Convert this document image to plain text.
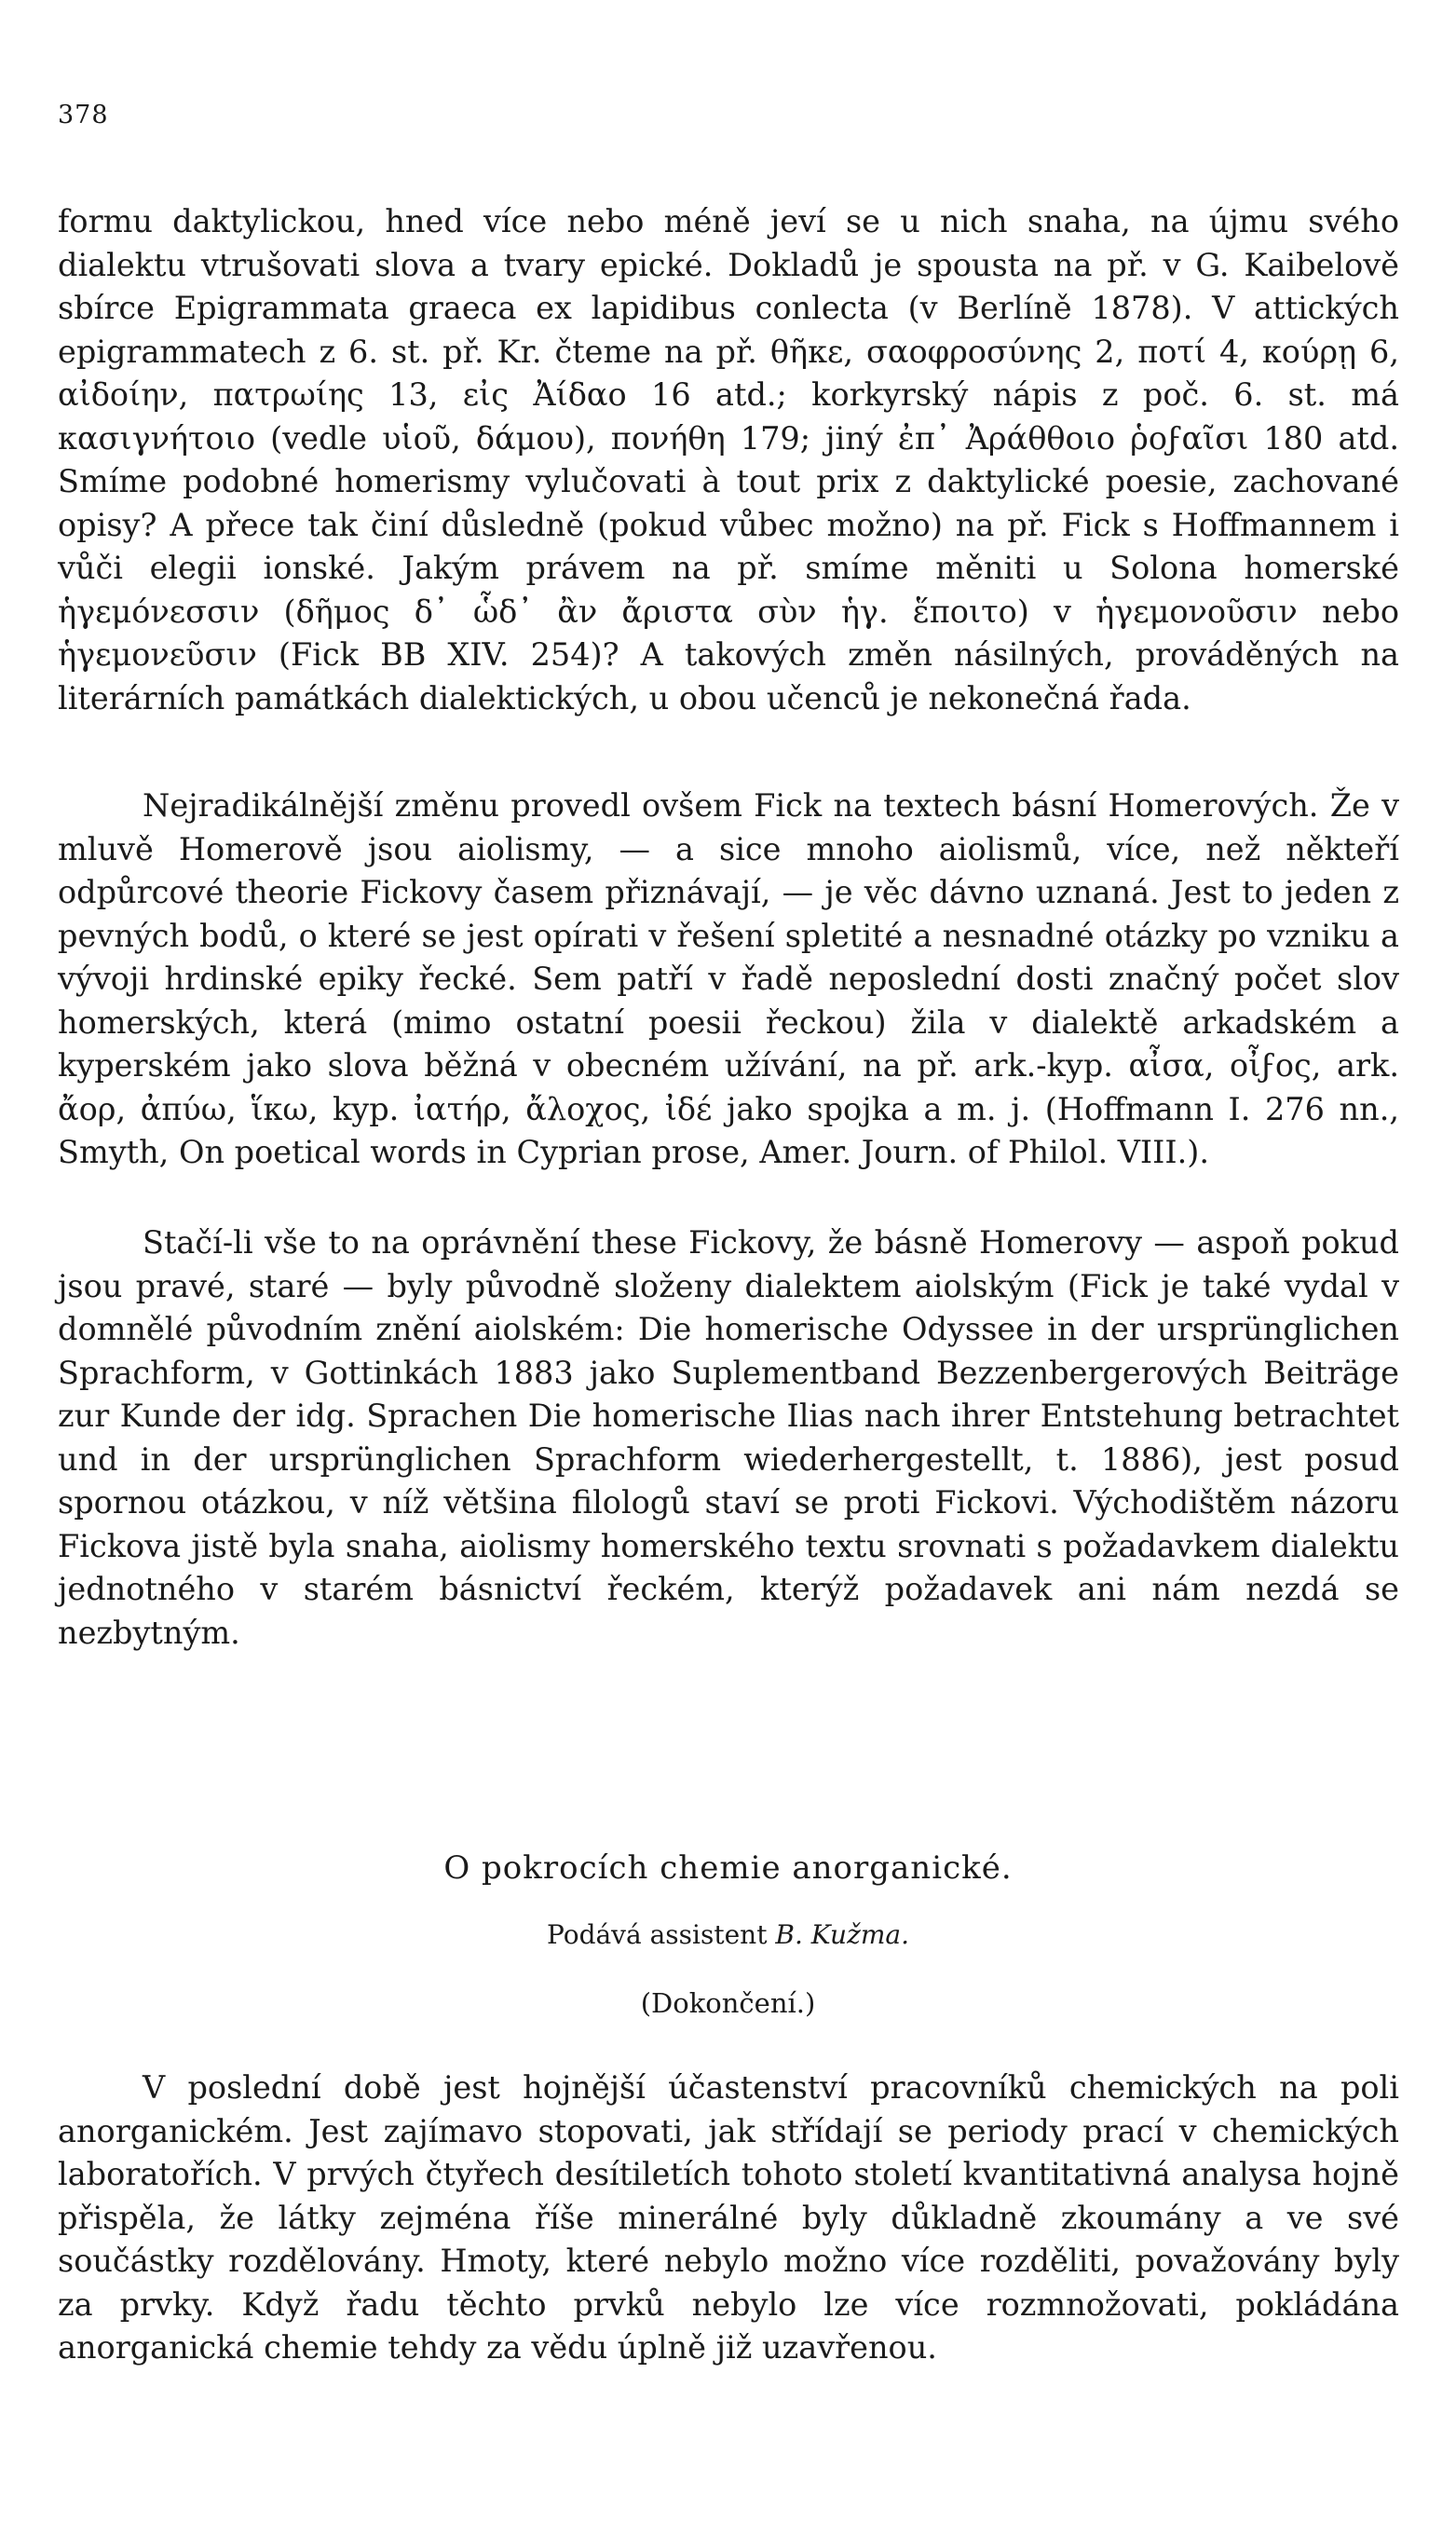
378

formu daktylickou, hned více nebo méně jeví se u nich snaha, na újmu svého dialektu vtrušovati slova a tvary epické. Dokladů je spousta na př. v G. Kaibelově sbírce Epigrammata graeca ex lapidibus conlecta (v Berlíně 1878). V attických epigrammatech z 6. st. př. Kr. čteme na př. θῆκε, σαοφροσύνης 2, ποτί 4, κούρῃ 6, αἰδοίην, πατρωίης 13, εἰς Ἀίδαο 16 atd.; korkyrský nápis z poč. 6. st. má κασιγνήτοιο (vedle υἱοῦ, δάμου), πονήθη 179; jiný ἐπ᾽ Ἀράθθοιο ῥοϝαῖσι 180 atd. Smíme podobné homerismy vylučovati à tout prix z daktylické poesie, zachované opisy? A přece tak činí důsledně (pokud vůbec možno) na př. Fick s Hoffmannem i vůči elegii ionské. Jakým právem na př. smíme měniti u Solona homerské ἡγεμόνεσσιν (δῆμος δ᾽ ὧδ᾽ ἂν ἄριστα σὺν ἡγ. ἕποιτο) v ἡγεμονοῦσιν nebo ἡγεμονεῦσιν (Fick BB XIV. 254)? A takových změn násilných, prováděných na literárních památkách dialektických, u obou učenců je nekonečná řada.

Nejradikálnější změnu provedl ovšem Fick na textech básní Homerových. Že v mluvě Homerově jsou aiolismy, — a sice mnoho aiolismů, více, než někteří odpůrcové theorie Fickovy časem přiznávají, — je věc dávno uznaná. Jest to jeden z pevných bodů, o které se jest opírati v řešení spletité a nesnadné otázky po vzniku a vývoji hrdinské epiky řecké. Sem patří v řadě neposlední dosti značný počet slov homerských, která (mimo ostatní poesii řeckou) žila v dialektě arkadském a kyperském jako slova běžná v obecném užívání, na př. ark.-kyp. αἶσα, οἶϝος, ark. ἄορ, ἀπύω, ἵκω, kyp. ἰατήρ, ἄλοχος, ἰδέ jako spojka a m. j. (Hoffmann I. 276 nn., Smyth, On poetical words in Cyprian prose, Amer. Journ. of Philol. VIII.).

Stačí-li vše to na oprávnění these Fickovy, že básně Homerovy — aspoň pokud jsou pravé, staré — byly původně složeny dialektem aiolským (Fick je také vydal v domnělé původním znění aiolském: Die homerische Odyssee in der ursprünglichen Sprachform, v Gottinkách 1883 jako Suplementband Bezzenbergerových Beiträge zur Kunde der idg. Sprachen Die homerische Ilias nach ihrer Entstehung betrachtet und in der ursprünglichen Sprachform wiederhergestellt, t. 1886), jest posud spornou otázkou, v níž většina filologů staví se proti Fickovi. Východištěm názoru Fickova jistě byla snaha, aiolismy homerského textu srovnati s požadavkem dialektu jednotného v starém básnictví řeckém, kterýž požadavek ani nám nezdá se nezbytným.

O pokrocích chemie anorganické.
Podává assistent B. Kužma.
(Dokončení.)

V poslední době jest hojnější účastenství pracovníků chemických na poli anorganickém. Jest zajímavo stopovati, jak střídají se periody prací v chemických laboratořích. V prvých čtyřech desítiletích tohoto století kvantitativná analysa hojně přispěla, že látky zejména říše minerálné byly důkladně zkoumány a ve své součástky rozdělovány. Hmoty, které nebylo možno více rozděliti, považovány byly za prvky. Když řadu těchto prvků nebylo lze více rozmnožovati, pokládána anorganická chemie tehdy za vědu úplně již uzavřenou.
